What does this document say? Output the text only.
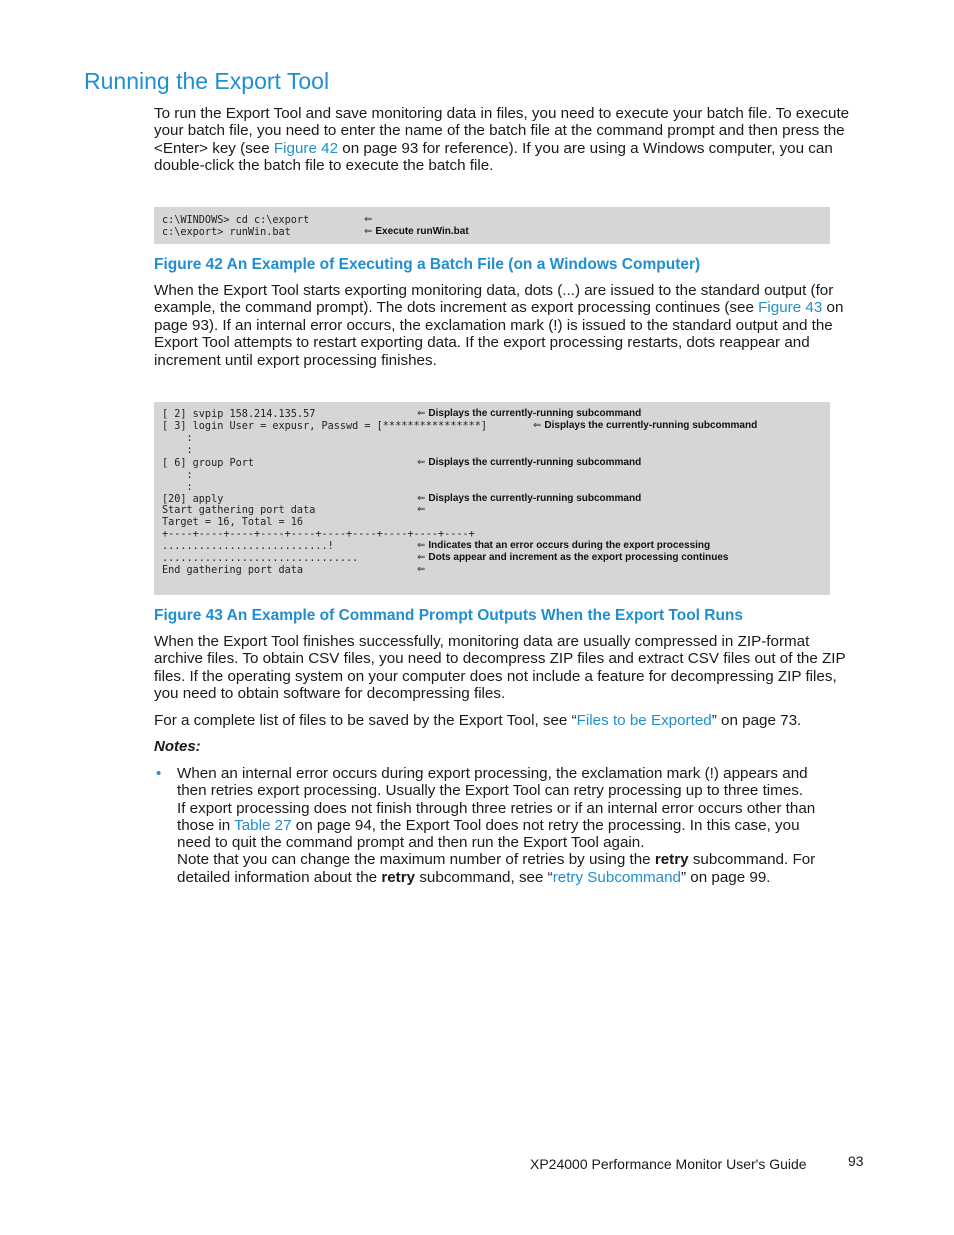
Running the Export Tool

To run the Export Tool and save monitoring data in files, you need to execute your batch file. To execute your batch file, you need to enter the name of the batch file at the command prompt and then press the <Enter> key (see Figure 42 on page 93 for reference). If you are using a Windows computer, you can double-click the batch file to execute the batch file.

c:\WINDOWS> cd c:\export
c:\export> runWin.bat
⇐
⇐ Execute runWin.bat

Figure 42 An Example of Executing a Batch File (on a Windows Computer)

When the Export Tool starts exporting monitoring data, dots (...) are issued to the standard output (for example, the command prompt). The dots increment as export processing continues (see Figure 43 on page 93). If an internal error occurs, the exclamation mark (!) is issued to the standard output and the Export Tool attempts to restart exporting data. If the export processing restarts, dots reappear and increment until export processing finishes.

[ 2] svpip 158.214.135.57
[ 3] login User = expusr, Passwd = [****************]
:
:
[ 6] group Port
:
:
[20] apply
Start gathering port data
Target = 16, Total = 16
+----+----+----+----+----+----+----+----+----+----+
...........................!
................................
End gathering port data
⇐ Displays the currently-running subcommand
⇐ Displays the currently-running subcommand
⇐ Displays the currently-running subcommand
⇐ Displays the currently-running subcommand
⇐
⇐ Indicates that an error occurs during the export processing
⇐ Dots appear and increment as the export processing continues
⇐

Figure 43 An Example of Command Prompt Outputs When the Export Tool Runs

When the Export Tool finishes successfully, monitoring data are usually compressed in ZIP-format archive files. To obtain CSV files, you need to decompress ZIP files and extract CSV files out of the ZIP files. If the operating system on your computer does not include a feature for decompressing ZIP files, you need to obtain software for decompressing files.

For a complete list of files to be saved by the Export Tool, see “Files to be Exported” on page 73.

Notes:

• When an internal error occurs during export processing, the exclamation mark (!) appears and then retries export processing. Usually the Export Tool can retry processing up to three times.
If export processing does not finish through three retries or if an internal error occurs other than those in Table 27 on page 94, the Export Tool does not retry the processing. In this case, you need to quit the command prompt and then run the Export Tool again.
Note that you can change the maximum number of retries by using the retry subcommand. For detailed information about the retry subcommand, see “retry Subcommand” on page 99.
XP24000 Performance Monitor User's Guide	93
